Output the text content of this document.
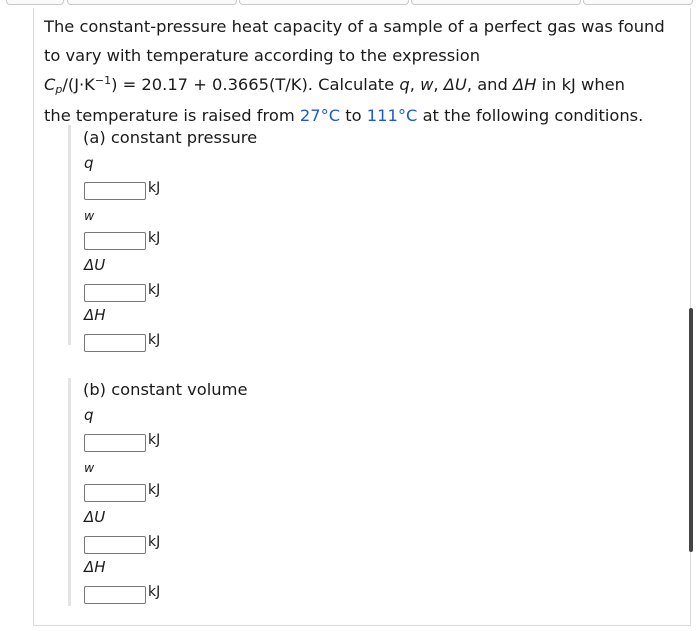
The constant-pressure heat capacity of a sample of a perfect gas was found
to vary with temperature according to the expression
$Cp/(J\cdot K^{-1}) = 20.17 + 0.3665(T/K)$. Calculate q, w, ΔU, and ΔH in kJ when
the temperature is raised from 27°C to 111°C at the following conditions.
(a) constant pressure
q
kJ
w
kJ
ΔU
kJ
ΔH
kJ
(b) constant volume
q
kJ
w
kJ
ΔU
kJ
ΔH
kJ
